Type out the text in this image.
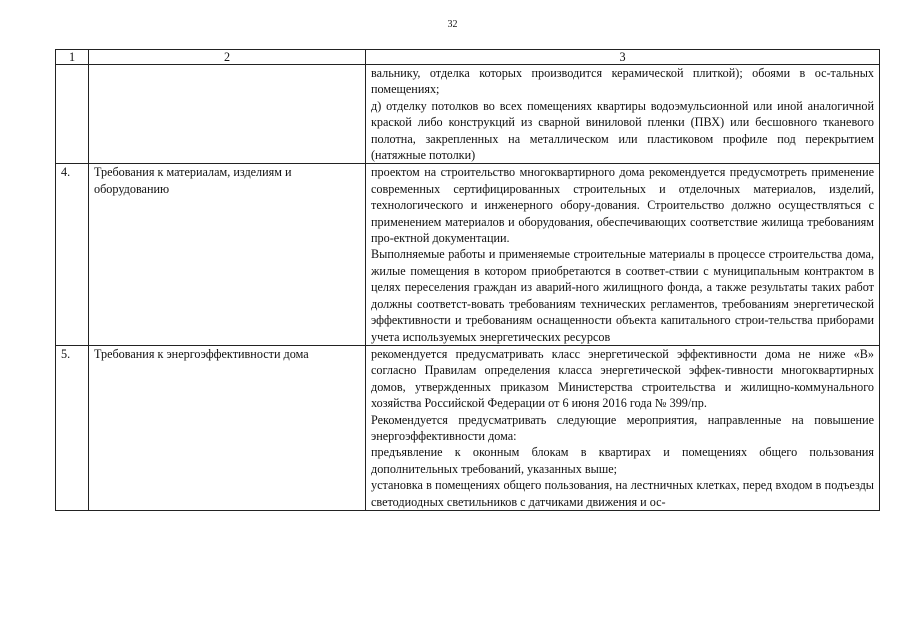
32
1	2	3

		вальнику, отделка которых производится керамической плиткой); обоями в ос-тальных помещениях;

д) отделку потолков во всех помещениях квартиры водоэмульсионной или иной аналогичной краской либо конструкций из сварной виниловой пленки (ПВХ) или бесшовного тканевого полотна, закрепленных на металлическом или пластиковом профиле под перекрытием (натяжные потолки)

4.	Требования к материалам, изделиям и оборудованию	проектом на строительство многоквартирного дома рекомендуется предусмотреть применение современных сертифицированных строительных и отделочных материалов, изделий, технологического и инженерного обору-дования. Строительство должно осуществляться с применением материалов и оборудования, обеспечивающих соответствие жилища требованиям про-ектной документации.

Выполняемые работы и применяемые строительные материалы в процессе строительства дома, жилые помещения в котором приобретаются в соответ-ствии с муниципальным контрактом в целях переселения граждан из аварий-ного жилищного фонда, а также результаты таких работ должны соответст-вовать требованиям технических регламентов, требованиям энергетической эффективности и требованиям оснащенности объекта капитального строи-тельства приборами учета используемых энергетических ресурсов

5.	Требования к энергоэффективности дома	рекомендуется предусматривать класс энергетической эффективности дома не ниже «В» согласно Правилам определения класса энергетической эффек-тивности многоквартирных домов, утвержденных приказом Министерства строительства и жилищно-коммунального хозяйства Российской Федерации от 6 июня 2016 года № 399/пр.

Рекомендуется предусматривать следующие мероприятия, направленные на повышение энергоэффективности дома:

предъявление к оконным блокам в квартирах и помещениях общего пользования дополнительных требований, указанных выше;

установка в помещениях общего пользования, на лестничных клетках, перед входом в подъезды светодиодных светильников с датчиками движения и ос-
